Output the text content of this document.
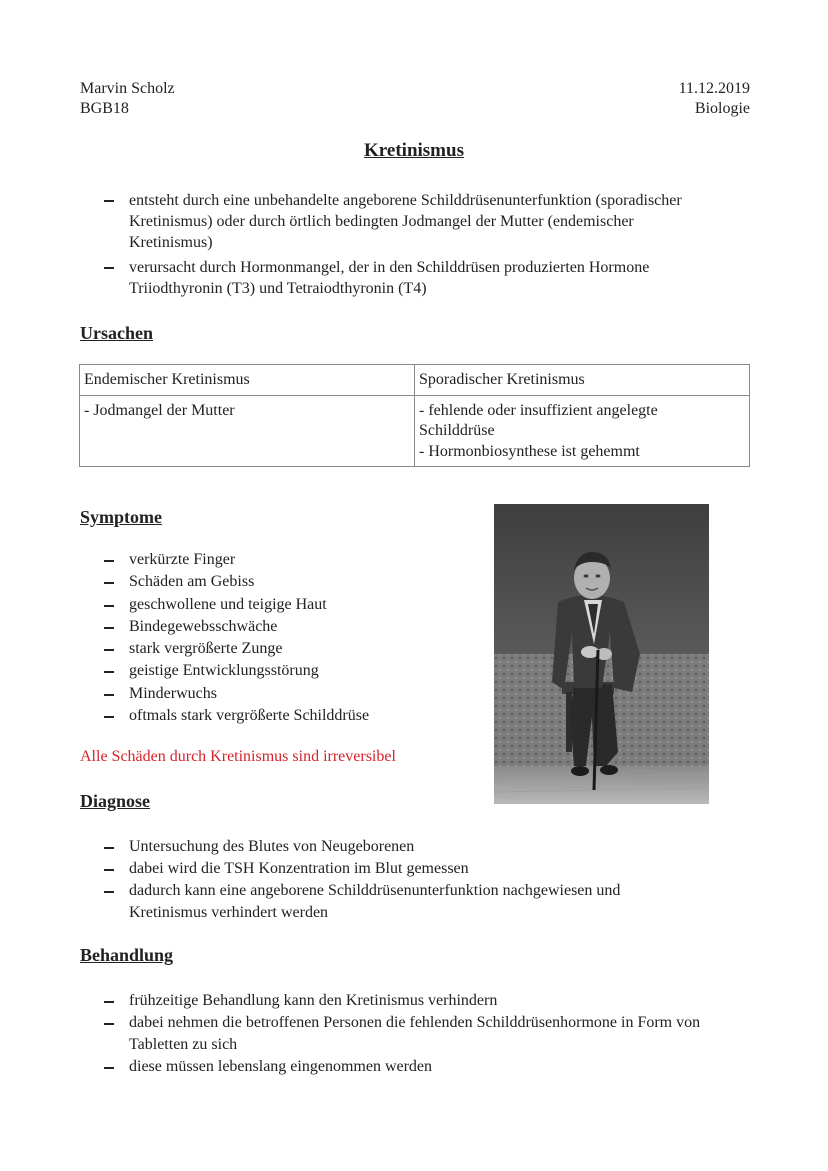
Marvin Scholz
BGB18
11.12.2019
Biologie
Kretinismus
entsteht durch eine unbehandelte angeborene Schilddrüsenunterfunktion (sporadischer Kretinismus) oder durch örtlich bedingten Jodmangel der Mutter (endemischer Kretinismus)
verursacht durch Hormonmangel, der in den Schilddrüsen produzierten Hormone Triiodthyronin (T3) und Tetraiodthyronin (T4)
Ursachen
Endemischer Kretinismus	Sporadischer Kretinismus
- Jodmangel der Mutter	- fehlende oder insuffizient angelegte Schilddrüse
- Hormonbiosynthese ist gehemmt
Symptome
verkürzte Finger
Schäden am Gebiss
geschwollene und teigige Haut
Bindegewebsschwäche
stark vergrößerte Zunge
geistige Entwicklungsstörung
Minderwuchs
oftmals stark vergrößerte Schilddrüse
Alle Schäden durch Kretinismus sind irreversibel
Diagnose
Untersuchung des Blutes von Neugeborenen
dabei wird die TSH Konzentration im Blut gemessen
dadurch kann eine angeborene Schilddrüsenunterfunktion nachgewiesen und Kretinismus verhindert werden
Behandlung
frühzeitige Behandlung kann den Kretinismus verhindern
dabei nehmen die betroffenen Personen die fehlenden Schilddrüsenhormone in Form von Tabletten zu sich
diese müssen lebenslang eingenommen werden
